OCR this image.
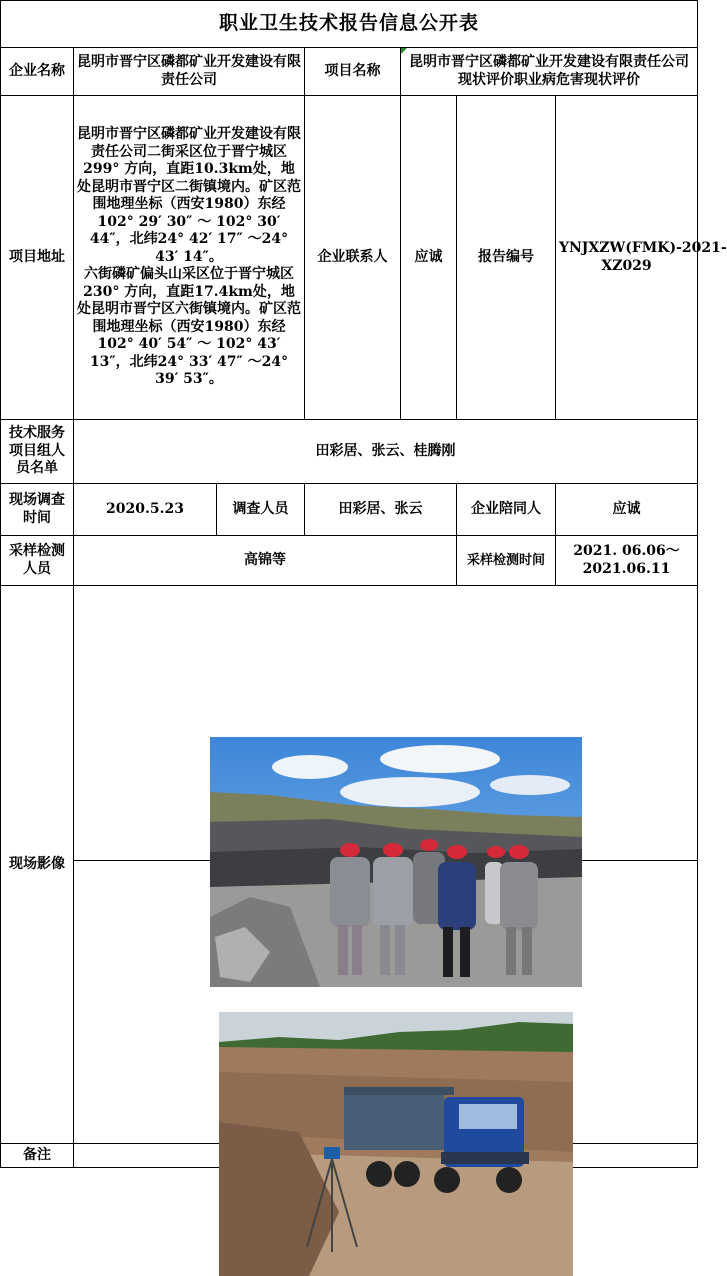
职业卫生技术报告信息公开表						
企业名称	昆明市晋宁区磷都矿业开发建设有限责任公司		项目名称	昆明市晋宁区磷都矿业开发建设有限责任公司现状评价职业病危害现状评价		
项目地址	昆明市晋宁区磷都矿业开发建设有限责任公司二街采区位于晋宁城区299° 方向，直距10.3km处，地处昆明市晋宁区二街镇境内。矿区范围地理坐标（西安1980）东经102° 29′ 30″ ～ 102° 30′ 44″，北纬24° 42′ 17″ ～24° 43′ 14″。
六街磷矿偏头山采区位于晋宁城区230° 方向，直距17.4km处，地处昆明市晋宁区六街镇境内。矿区范围地理坐标（西安1980）东经102° 40′ 54″ ～ 102° 43′ 13″，北纬24° 33′ 47″ ～24° 39′ 53″。		企业联系人	应诚	报告编号	YNJXZW(FMK)-2021-XZ029
技术服务项目组人员名单	田彩居、张云、桂腾刚					
现场调查时间	2020.5.23	调查人员	田彩居、张云		企业陪同人	应诚
采样检测人员	高锦等				采样检测时间	2021. 06.06～2021.06.11
现场影像	

备注						
